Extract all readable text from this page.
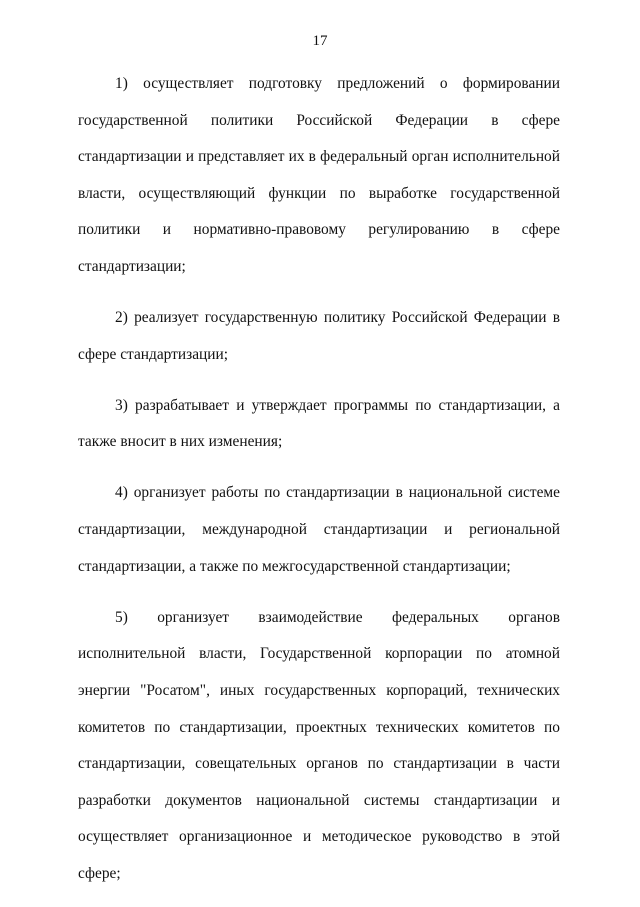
17

1) осуществляет подготовку предложений о формировании государственной политики Российской Федерации в сфере стандартизации и представляет их в федеральный орган исполнительной власти, осуществляющий функции по выработке государственной политики и нормативно-правовому регулированию в сфере стандартизации;

2) реализует государственную политику Российской Федерации в сфере стандартизации;

3) разрабатывает и утверждает программы по стандартизации, а также вносит в них изменения;

4) организует работы по стандартизации в национальной системе стандартизации, международной стандартизации и региональной стандартизации, а также по межгосударственной стандартизации;

5) организует взаимодействие федеральных органов исполнительной власти, Государственной корпорации по атомной энергии "Росатом", иных государственных корпораций, технических комитетов по стандартизации, проектных технических комитетов по стандартизации, совещательных органов по стандартизации в части разработки документов национальной системы стандартизации и осуществляет организационное и методическое руководство в этой сфере;
